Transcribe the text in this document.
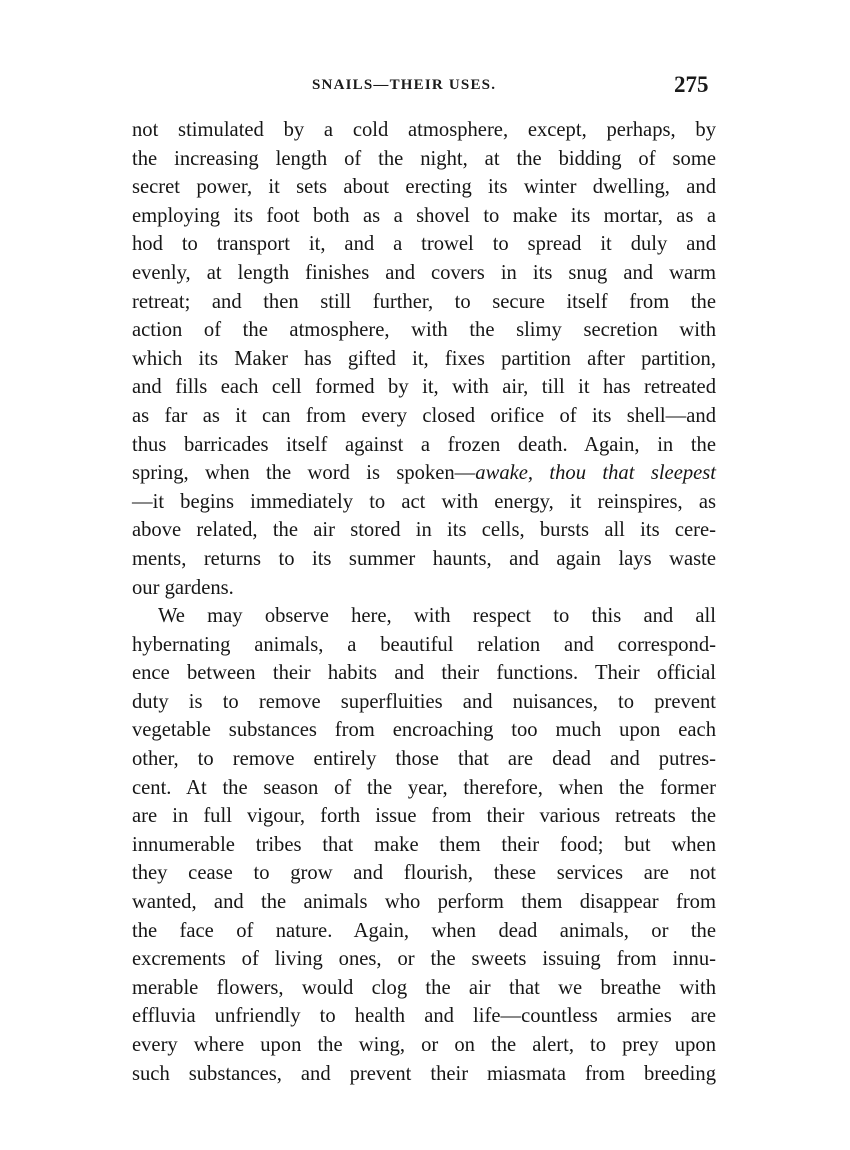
SNAILS—THEIR USES.	275
not stimulated by a cold atmosphere, except, perhaps, by
the increasing length of the night, at the bidding of some
secret power, it sets about erecting its winter dwelling, and
employing its foot both as a shovel to make its mortar, as a
hod to transport it, and a trowel to spread it duly and
evenly, at length finishes and covers in its snug and warm
retreat; and then still further, to secure itself from the
action of the atmosphere, with the slimy secretion with
which its Maker has gifted it, fixes partition after partition,
and fills each cell formed by it, with air, till it has retreated
as far as it can from every closed orifice of its shell—and
thus barricades itself against a frozen death. Again, in the
spring, when the word is spoken—awake, thou that sleepest
—it begins immediately to act with energy, it reinspires, as
above related, the air stored in its cells, bursts all its cere-
ments, returns to its summer haunts, and again lays waste
our gardens.
We may observe here, with respect to this and all
hybernating animals, a beautiful relation and correspond-
ence between their habits and their functions. Their official
duty is to remove superfluities and nuisances, to prevent
vegetable substances from encroaching too much upon each
other, to remove entirely those that are dead and putres-
cent. At the season of the year, therefore, when the former
are in full vigour, forth issue from their various retreats the
innumerable tribes that make them their food; but when
they cease to grow and flourish, these services are not
wanted, and the animals who perform them disappear from
the face of nature. Again, when dead animals, or the
excrements of living ones, or the sweets issuing from innu-
merable flowers, would clog the air that we breathe with
effluvia unfriendly to health and life—countless armies are
every where upon the wing, or on the alert, to prey upon
such substances, and prevent their miasmata from breeding
